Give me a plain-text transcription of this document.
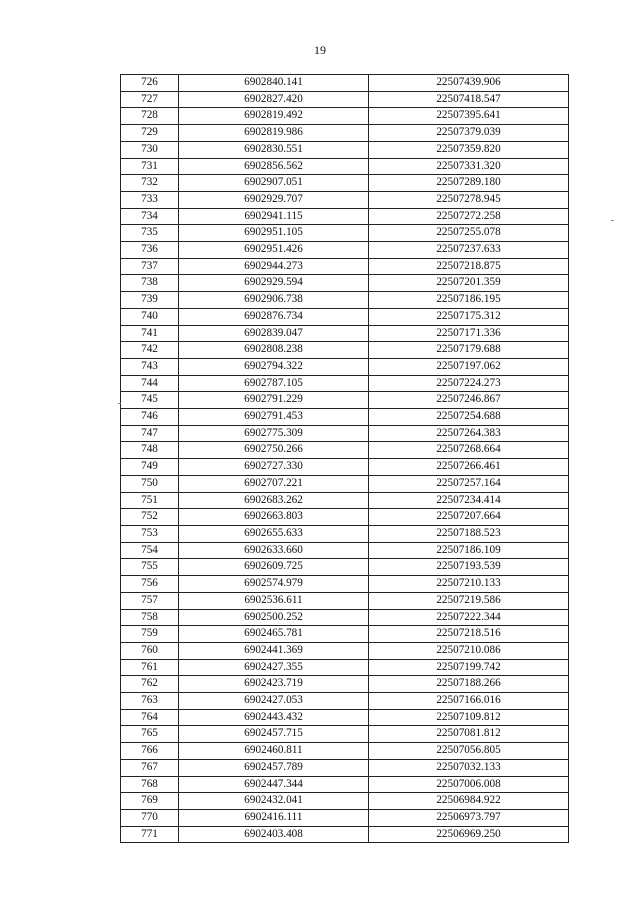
19
726	6902840.141	22507439.906
727	6902827.420	22507418.547
728	6902819.492	22507395.641
729	6902819.986	22507379.039
730	6902830.551	22507359.820
731	6902856.562	22507331.320
732	6902907.051	22507289.180
733	6902929.707	22507278.945
734	6902941.115	22507272.258
735	6902951.105	22507255.078
736	6902951.426	22507237.633
737	6902944.273	22507218.875
738	6902929.594	22507201.359
739	6902906.738	22507186.195
740	6902876.734	22507175.312
741	6902839.047	22507171.336
742	6902808.238	22507179.688
743	6902794.322	22507197.062
744	6902787.105	22507224.273
745	6902791.229	22507246.867
746	6902791.453	22507254.688
747	6902775.309	22507264.383
748	6902750.266	22507268.664
749	6902727.330	22507266.461
750	6902707.221	22507257.164
751	6902683.262	22507234.414
752	6902663.803	22507207.664
753	6902655.633	22507188.523
754	6902633.660	22507186.109
755	6902609.725	22507193.539
756	6902574.979	22507210.133
757	6902536.611	22507219.586
758	6902500.252	22507222.344
759	6902465.781	22507218.516
760	6902441.369	22507210.086
761	6902427.355	22507199.742
762	6902423.719	22507188.266
763	6902427.053	22507166.016
764	6902443.432	22507109.812
765	6902457.715	22507081.812
766	6902460.811	22507056.805
767	6902457.789	22507032.133
768	6902447.344	22507006.008
769	6902432.041	22506984.922
770	6902416.111	22506973.797
771	6902403.408	22506969.250
